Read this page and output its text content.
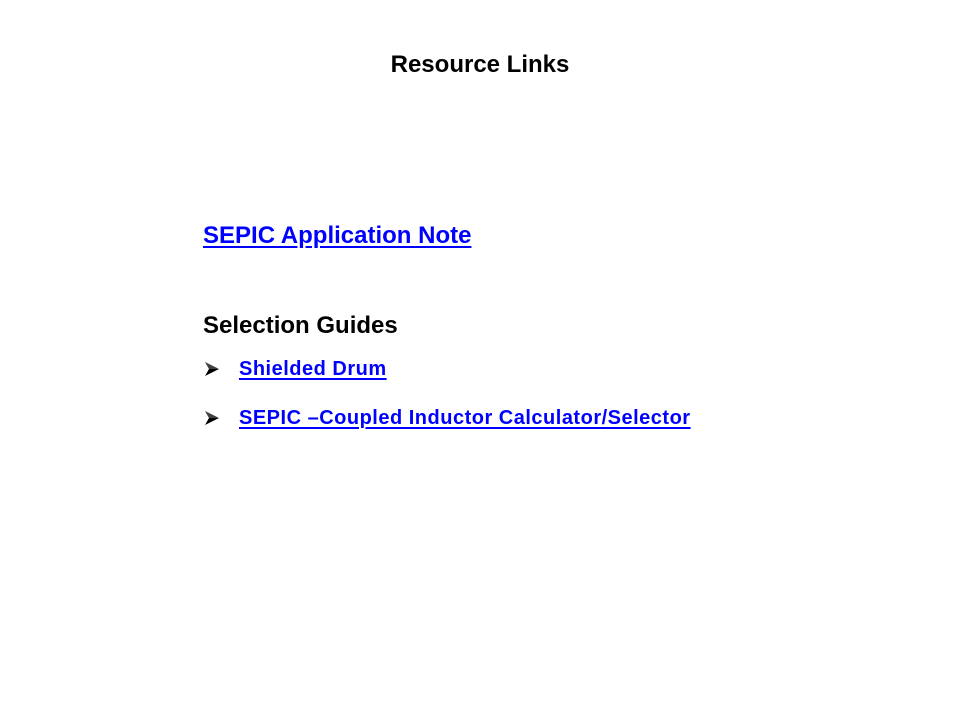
Resource Links
SEPIC Application Note
Selection Guides
Shielded Drum
SEPIC –Coupled Inductor Calculator/Selector
